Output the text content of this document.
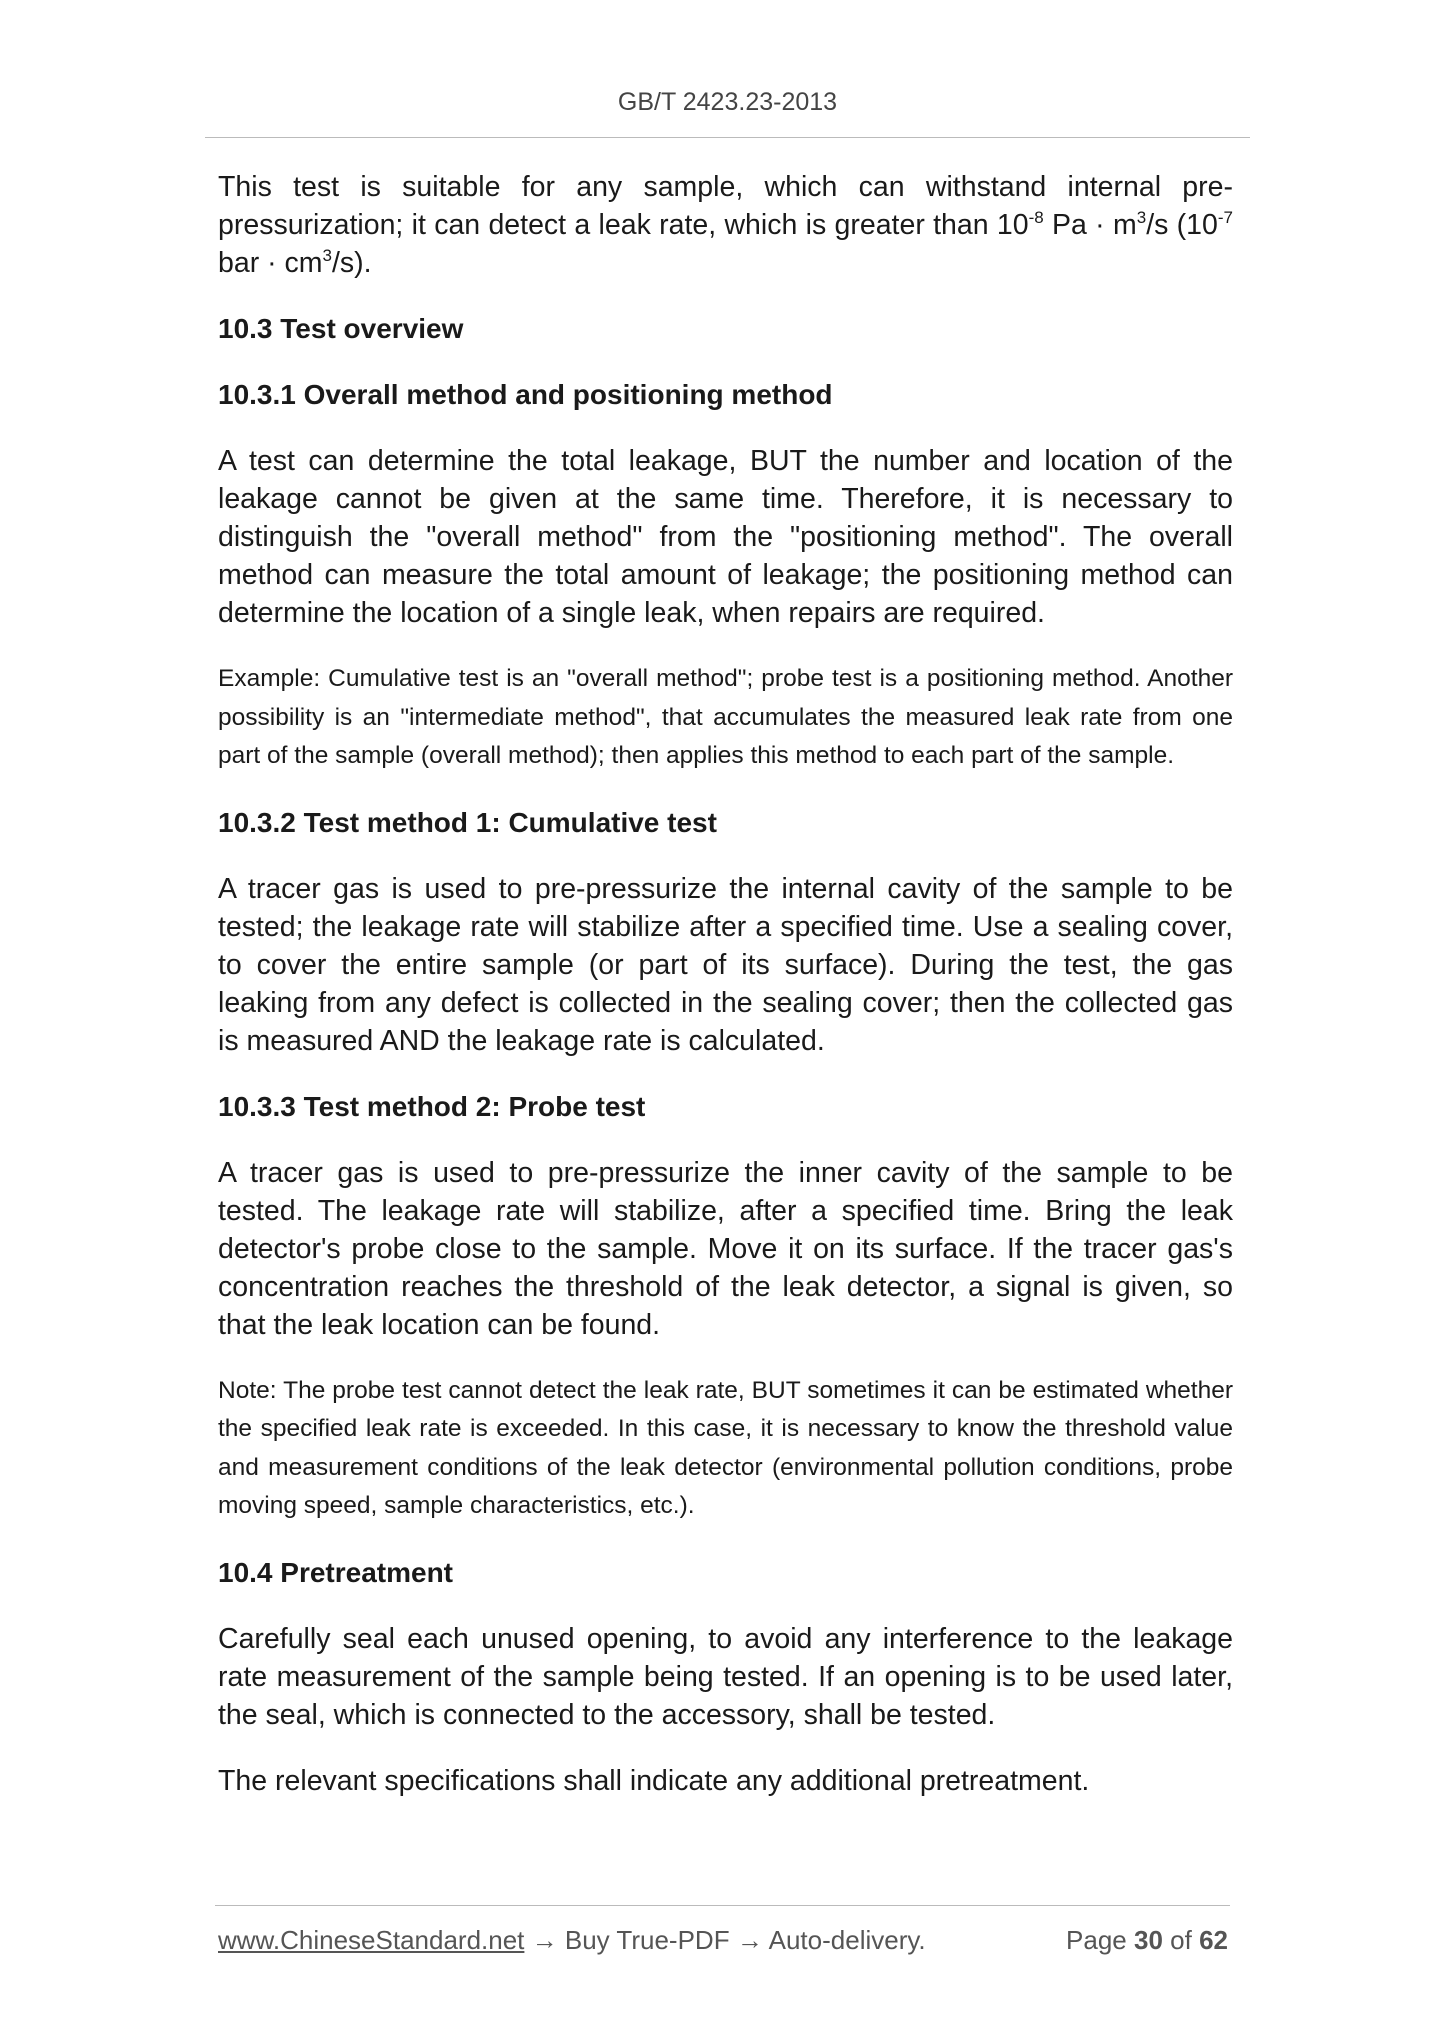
GB/T 2423.23-2013

This test is suitable for any sample, which can withstand internal pre-pressurization; it can detect a leak rate, which is greater than $10^{-8}$ $Pa \cdot m^3/s$ ($10^{-7}$ bar · $cm^3/s$).

10.3 Test overview
10.3.1 Overall method and positioning method

A test can determine the total leakage, BUT the number and location of the leakage cannot be given at the same time. Therefore, it is necessary to distinguish the "overall method" from the "positioning method". The overall method can measure the total amount of leakage; the positioning method can determine the location of a single leak, when repairs are required.

Example: Cumulative test is an "overall method"; probe test is a positioning method. Another possibility is an "intermediate method", that accumulates the measured leak rate from one part of the sample (overall method); then applies this method to each part of the sample.

10.3.2 Test method 1: Cumulative test

A tracer gas is used to pre-pressurize the internal cavity of the sample to be tested; the leakage rate will stabilize after a specified time. Use a sealing cover, to cover the entire sample (or part of its surface). During the test, the gas leaking from any defect is collected in the sealing cover; then the collected gas is measured AND the leakage rate is calculated.

10.3.3 Test method 2: Probe test

A tracer gas is used to pre-pressurize the inner cavity of the sample to be tested. The leakage rate will stabilize, after a specified time. Bring the leak detector's probe close to the sample. Move it on its surface. If the tracer gas's concentration reaches the threshold of the leak detector, a signal is given, so that the leak location can be found.

Note: The probe test cannot detect the leak rate, BUT sometimes it can be estimated whether the specified leak rate is exceeded. In this case, it is necessary to know the threshold value and measurement conditions of the leak detector (environmental pollution conditions, probe moving speed, sample characteristics, etc.).

10.4 Pretreatment

Carefully seal each unused opening, to avoid any interference to the leakage rate measurement of the sample being tested. If an opening is to be used later, the seal, which is connected to the accessory, shall be tested.

The relevant specifications shall indicate any additional pretreatment.

www.ChineseStandard.net → Buy True-PDF → Auto-delivery.	Page 30 of 62
